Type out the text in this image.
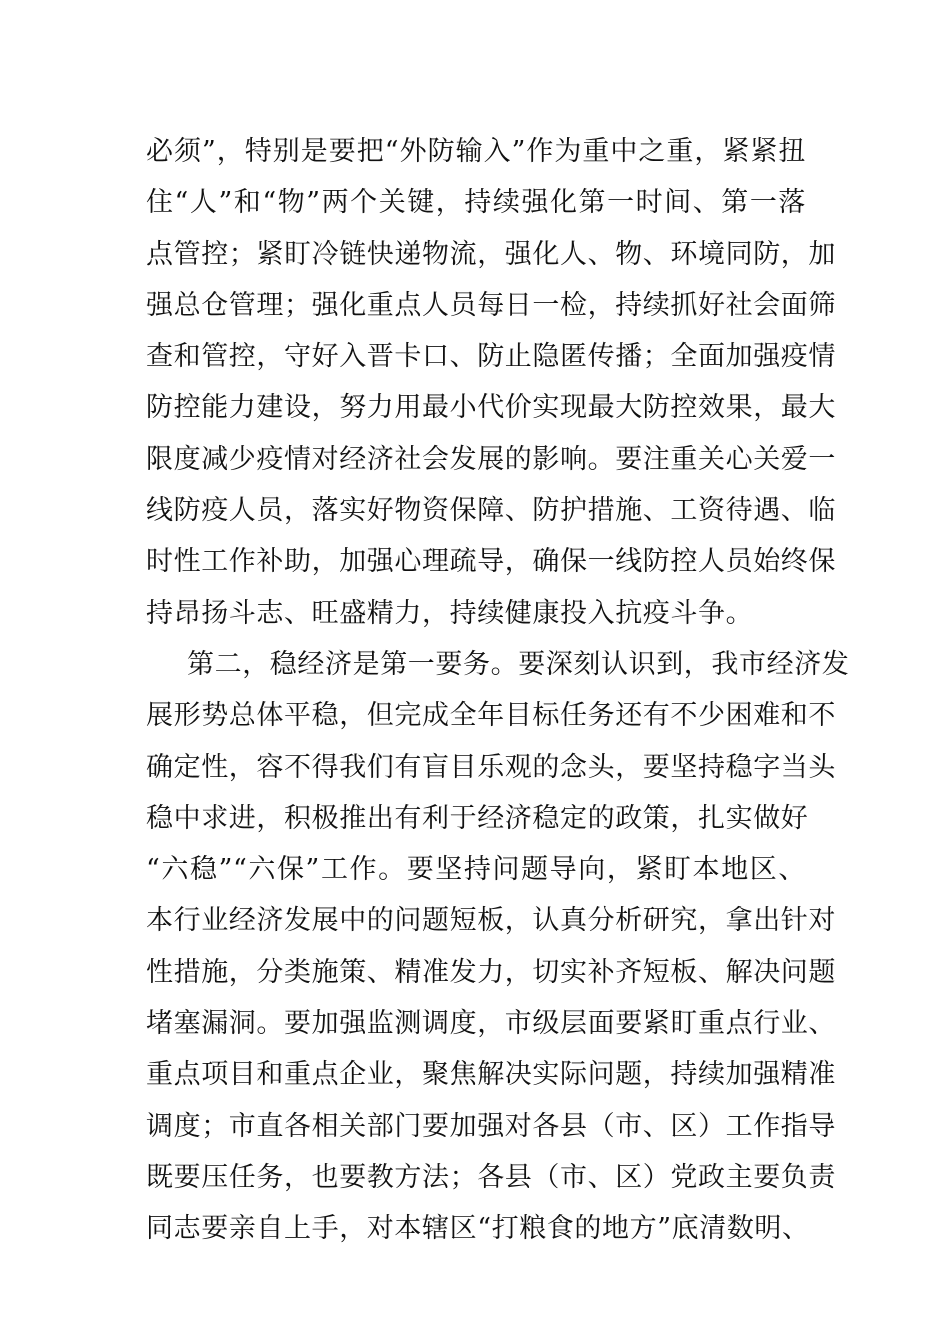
必须”，特别是要把“外防输入”作为重中之重，紧紧扭
住“人”和“物”两个关键，持续强化第一时间、第一落
点管控；紧盯冷链快递物流，强化人、物、环境同防，加
强总仓管理；强化重点人员每日一检，持续抓好社会面筛
查和管控，守好入晋卡口、防止隐匿传播；全面加强疫情
防控能力建设，努力用最小代价实现最大防控效果，最大
限度减少疫情对经济社会发展的影响。要注重关心关爱一
线防疫人员，落实好物资保障、防护措施、工资待遇、临
时性工作补助，加强心理疏导，确保一线防控人员始终保
持昂扬斗志、旺盛精力，持续健康投入抗疫斗争。
第二，稳经济是第一要务。要深刻认识到，我市经济发
展形势总体平稳，但完成全年目标任务还有不少困难和不
确定性，容不得我们有盲目乐观的念头，要坚持稳字当头
稳中求进，积极推出有利于经济稳定的政策，扎实做好
“六稳”“六保”工作。要坚持问题导向，紧盯本地区、
本行业经济发展中的问题短板，认真分析研究，拿出针对
性措施，分类施策、精准发力，切实补齐短板、解决问题
堵塞漏洞。要加强监测调度，市级层面要紧盯重点行业、
重点项目和重点企业，聚焦解决实际问题，持续加强精准
调度；市直各相关部门要加强对各县（市、区）工作指导
既要压任务，也要教方法；各县（市、区）党政主要负责
同志要亲自上手，对本辖区“打粮食的地方”底清数明、
